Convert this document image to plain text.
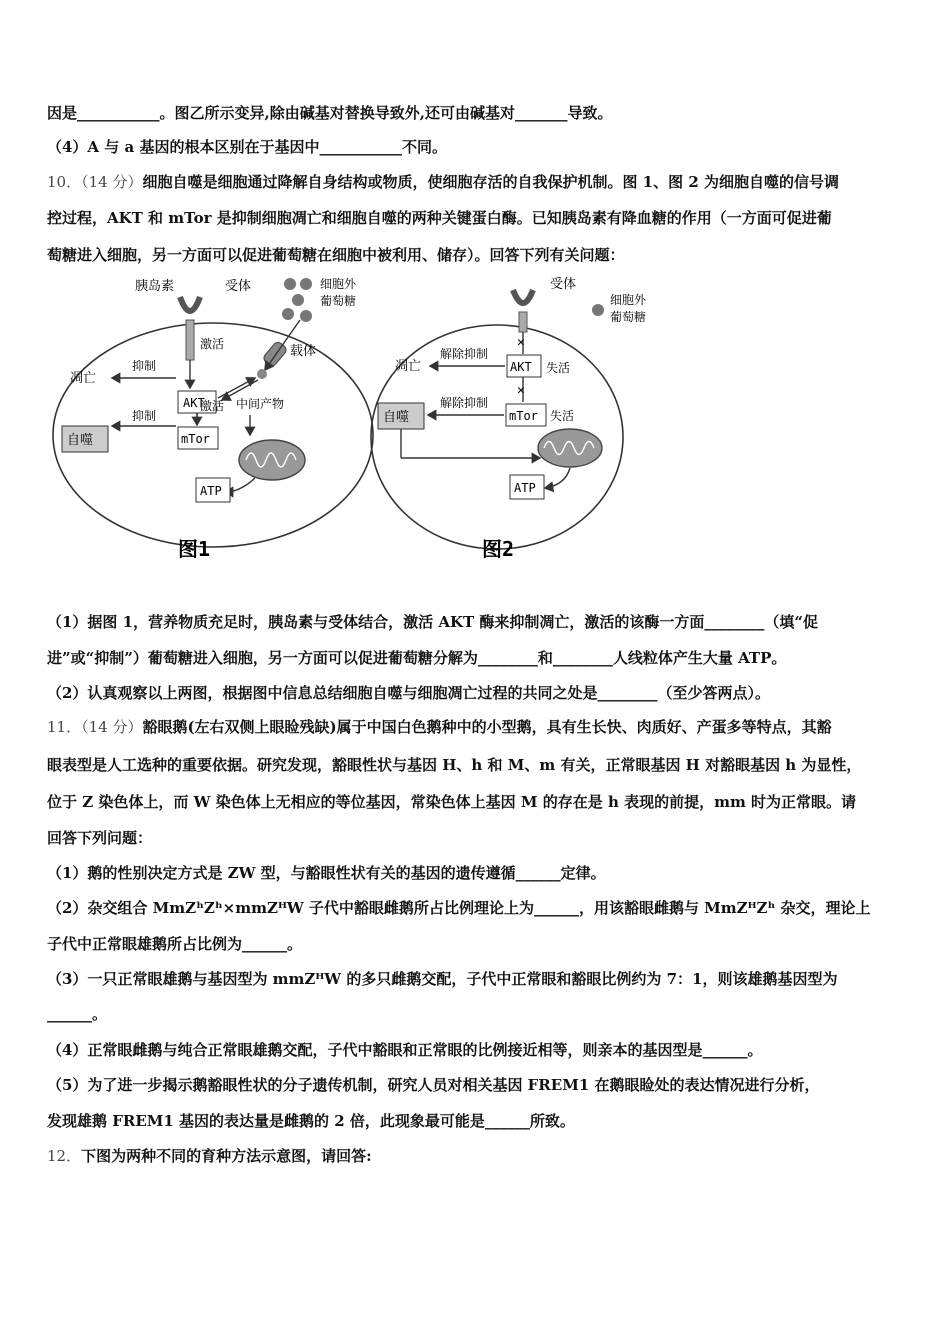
因是___________。图乙所示变异,除由碱基对替换导致外,还可由碱基对_______导致。
（4）A 与 a 基因的根本区别在于基因中___________不同。
10．（14 分）细胞自噬是细胞通过降解自身结构或物质，使细胞存活的自我保护机制。图 1、图 2 为细胞自噬的信号调
控过程，AKT 和 mTor 是抑制细胞凋亡和细胞自噬的两种关键蛋白酶。已知胰岛素有降血糖的作用（一方面可促进葡
萄糖进入细胞，另一方面可以促进葡萄糖在细胞中被利用、储存）。回答下列有关问题：
胰岛素	受体	细胞外
葡萄糖
载体
激活
AKT
抑制
凋亡
中间产物
激活
mTor
抑制
自噬
ATP
图1
受体
细胞外
葡萄糖
✕
AKT 失活
解除抑制
凋亡
✕
mTor 失活
解除抑制
自噬
ATP
图2
（1）据图 1，营养物质充足时，胰岛素与受体结合，激活 AKT 酶来抑制凋亡，激活的该酶一方面________（填“促
进”或“抑制”）葡萄糖进入细胞，另一方面可以促进葡萄糖分解为________和________人线粒体产生大量 ATP。
（2）认真观察以上两图，根据图中信息总结细胞自噬与细胞凋亡过程的共同之处是________（至少答两点）。
11．（14 分）豁眼鹅(左右双侧上眼睑残缺)属于中国白色鹅种中的小型鹅，具有生长快、肉质好、产蛋多等特点，其豁
眼表型是人工选种的重要依据。研究发现，豁眼性状与基因 H、h 和 M、m 有关，正常眼基因 H 对豁眼基因 h 为显性，
位于 Z 染色体上，而 W 染色体上无相应的等位基因，常染色体上基因 M 的存在是 h 表现的前提，mm 时为正常眼。请
回答下列问题：
（1）鹅的性别决定方式是 ZW 型，与豁眼性状有关的基因的遗传遵循______定律。
（2）杂交组合 MmZʰZʰ×mmZᴴW 子代中豁眼雌鹅所占比例理论上为______，用该豁眼雌鹅与 MmZᴴZʰ 杂交，理论上
子代中正常眼雄鹅所占比例为______。
（3）一只正常眼雄鹅与基因型为 mmZᴴW 的多只雌鹅交配，子代中正常眼和豁眼比例约为 7：1，则该雄鹅基因型为
______。
（4）正常眼雌鹅与纯合正常眼雄鹅交配，子代中豁眼和正常眼的比例接近相等，则亲本的基因型是______。
（5）为了进一步揭示鹅豁眼性状的分子遗传机制，研究人员对相关基因 FREM1 在鹅眼睑处的表达情况进行分析，
发现雄鹅 FREM1 基因的表达量是雌鹅的 2 倍，此现象最可能是______所致。
12．下图为两种不同的育种方法示意图，请回答:
